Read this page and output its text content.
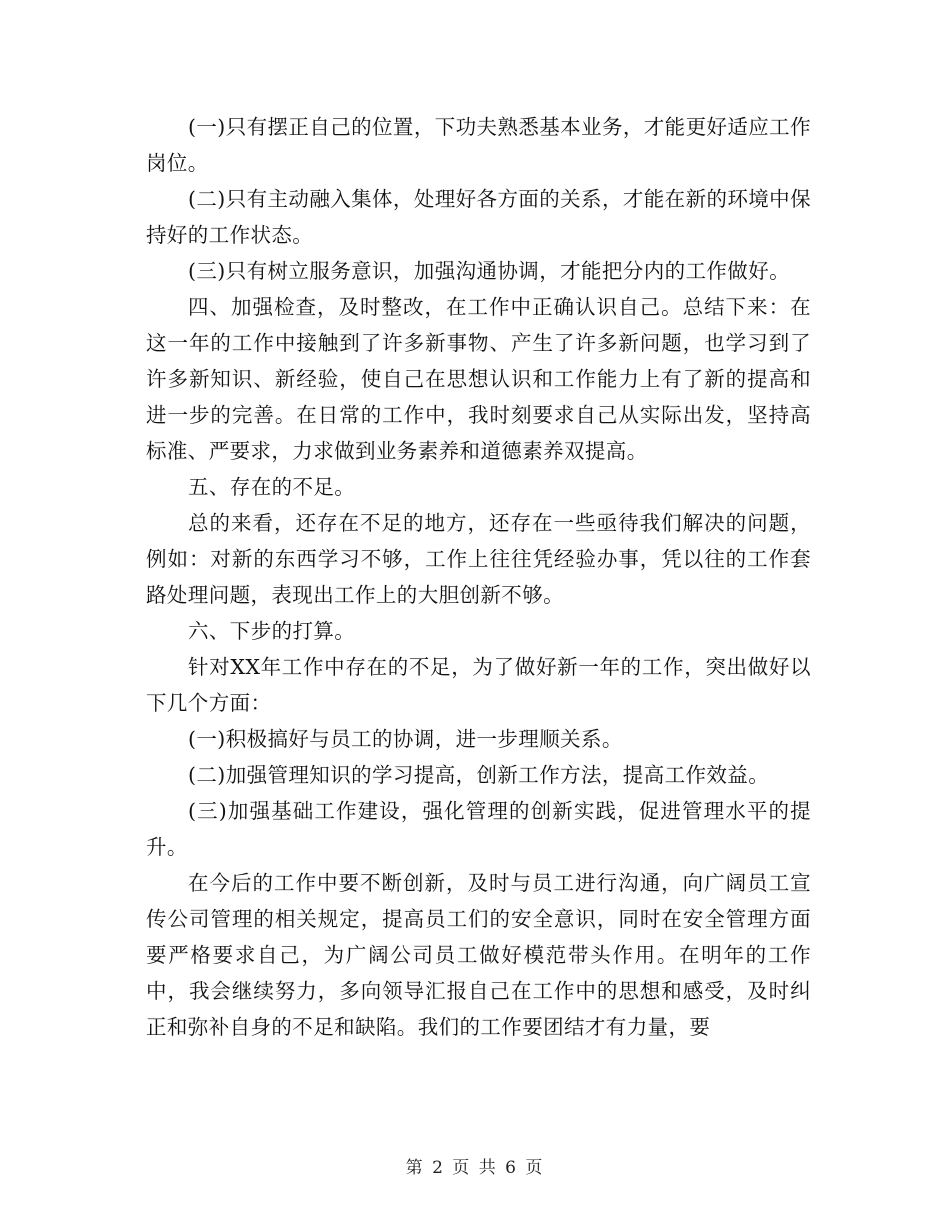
(一)只有摆正自己的位置，下功夫熟悉基本业务，才能更好适应工作岗位。

(二)只有主动融入集体，处理好各方面的关系，才能在新的环境中保持好的工作状态。

(三)只有树立服务意识，加强沟通协调，才能把分内的工作做好。

四、加强检查，及时整改，在工作中正确认识自己。总结下来：在这一年的工作中接触到了许多新事物、产生了许多新问题，也学习到了许多新知识、新经验，使自己在思想认识和工作能力上有了新的提高和进一步的完善。在日常的工作中，我时刻要求自己从实际出发，坚持高标准、严要求，力求做到业务素养和道德素养双提高。

五、存在的不足。

总的来看，还存在不足的地方，还存在一些亟待我们解决的问题，例如：对新的东西学习不够，工作上往往凭经验办事，凭以往的工作套路处理问题，表现出工作上的大胆创新不够。

六、下步的打算。

针对XX年工作中存在的不足，为了做好新一年的工作，突出做好以下几个方面：

(一)积极搞好与员工的协调，进一步理顺关系。

(二)加强管理知识的学习提高，创新工作方法，提高工作效益。

(三)加强基础工作建设，强化管理的创新实践，促进管理水平的提升。

在今后的工作中要不断创新，及时与员工进行沟通，向广阔员工宣传公司管理的相关规定，提高员工们的安全意识，同时在安全管理方面要严格要求自己，为广阔公司员工做好模范带头作用。在明年的工作中，我会继续努力，多向领导汇报自己在工作中的思想和感受，及时纠正和弥补自身的不足和缺陷。我们的工作要团结才有力量，要

第 2 页 共 6 页
